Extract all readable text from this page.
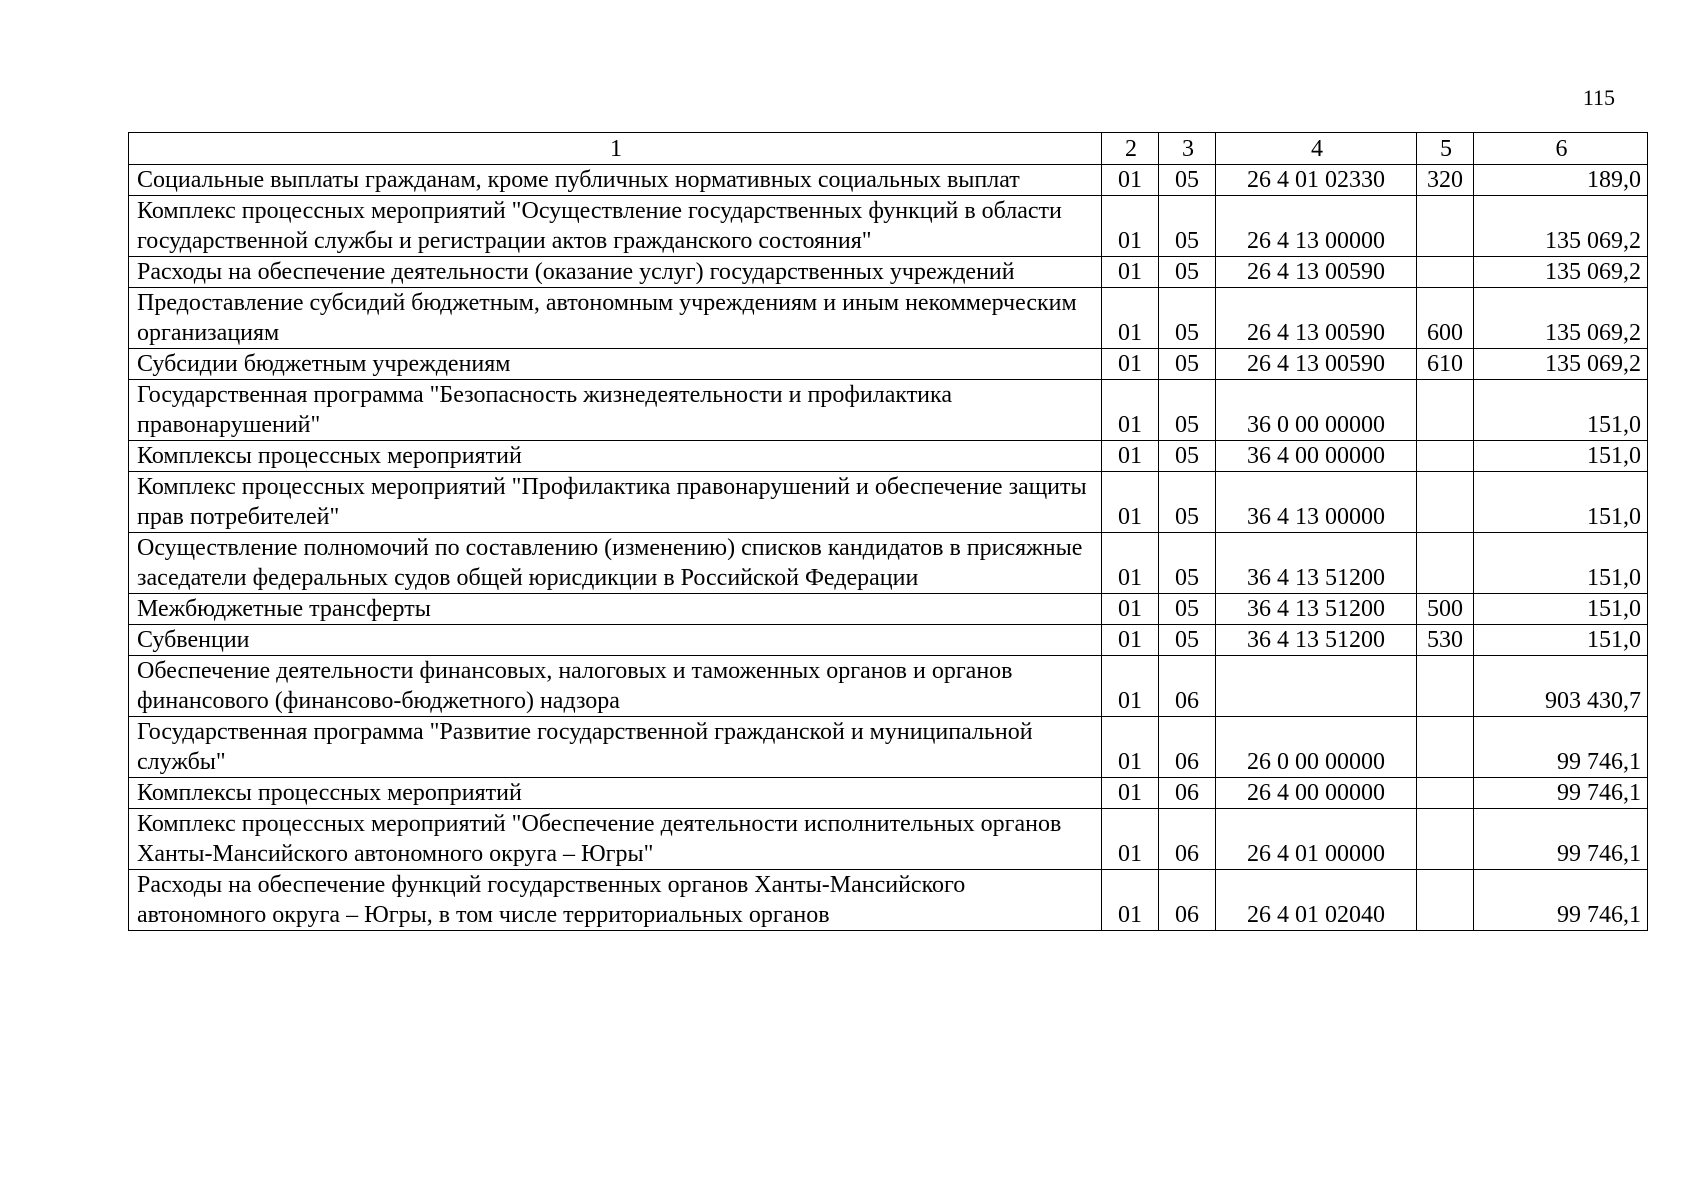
115
1	2	3	4	5	6
Социальные выплаты гражданам, кроме публичных нормативных социальных выплат	01	05	26 4 01 02330	320	189,0
Комплекс процессных мероприятий "Осуществление государственных функций в области государственной службы и регистрации актов гражданского состояния"	01	05	26 4 13 00000		135 069,2
Расходы на обеспечение деятельности (оказание услуг) государственных учреждений	01	05	26 4 13 00590		135 069,2
Предоставление субсидий бюджетным, автономным учреждениям и иным некоммерческим организациям	01	05	26 4 13 00590	600	135 069,2
Субсидии бюджетным учреждениям	01	05	26 4 13 00590	610	135 069,2
Государственная программа "Безопасность жизнедеятельности и профилактика правонарушений"	01	05	36 0 00 00000		151,0
Комплексы процессных мероприятий	01	05	36 4 00 00000		151,0
Комплекс процессных мероприятий "Профилактика правонарушений и обеспечение защиты прав потребителей"	01	05	36 4 13 00000		151,0
Осуществление полномочий по составлению (изменению) списков кандидатов в присяжные заседатели федеральных судов общей юрисдикции в Российской Федерации	01	05	36 4 13 51200		151,0
Межбюджетные трансферты	01	05	36 4 13 51200	500	151,0
Субвенции	01	05	36 4 13 51200	530	151,0
Обеспечение деятельности финансовых, налоговых и таможенных органов и органов финансового (финансово-бюджетного) надзора	01	06			903 430,7
Государственная программа "Развитие государственной гражданской и муниципальной службы"	01	06	26 0 00 00000		99 746,1
Комплексы процессных мероприятий	01	06	26 4 00 00000		99 746,1
Комплекс процессных мероприятий "Обеспечение деятельности исполнительных органов Ханты-Мансийского автономного округа – Югры"	01	06	26 4 01 00000		99 746,1
Расходы на обеспечение функций государственных органов Ханты-Мансийского автономного округа – Югры, в том числе территориальных органов	01	06	26 4 01 02040		99 746,1
